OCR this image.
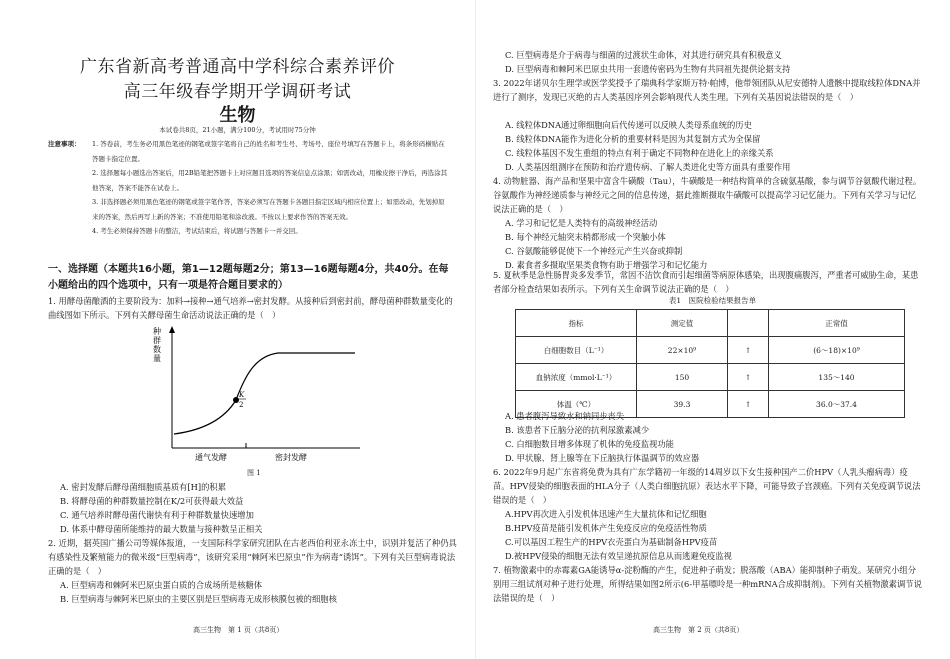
广东省新高考普通高中学科综合素养评价
高三年级春学期开学调研考试
生物
本试卷共8页，21小题，满分100分，考试用时75分钟
注意事项： 1. 答卷前，考生务必用黑色笔迹的钢笔或签字笔将自己的姓名和考生号、考场号、座位号填写在答题卡上，将条形码横贴在答题卡指定位置。
2. 选择题每小题选出答案后，用2B铅笔把答题卡上对应题目选项的答案信息点涂黑；如需改动，用橡皮擦干净后，再选涂其他答案，答案不能答在试卷上。
3. 非选择题必须用黑色笔迹的钢笔或签字笔作答，答案必须写在答题卡各题目指定区域内相应位置上；如需改动，先划掉原来的答案，然后再写上新的答案；不准使用铅笔和涂改液。不按以上要求作答的答案无效。
4. 考生必须保持答题卡的整洁，考试结束后，将试题与答题卡一并交回。
一、选择题（本题共16小题，第1—12题每题2分；第13—16题每题4分，共40分。在每小题给出的四个选项中，只有一项是符合题目要求的）
1. 用酵母菌酿酒的主要阶段为：加料→接种→通气培养→密封发酵。从接种后到密封前，酵母菌种群数量变化的曲线图如下所示。下列有关酵母菌生命活动说法正确的是（　）
种群数量
K
2
通气发酵	密封发酵
图 1
A. 密封发酵后酵母菌细胞质基质有[H]的积累
B. 将酵母菌的种群数量控制在K/2可获得最大效益
C. 通气培养时酵母菌代谢快有利于种群数量快速增加
D. 体系中酵母菌所能维持的最大数量与接种数呈正相关
2. 近期，据英国广播公司等媒体报道，一支国际科学家研究团队在古老西伯利亚永冻土中，识别并复活了种仍具有感染性及繁殖能力的微米级“巨型病毒”，该研究采用“棘阿米巴原虫”作为病毒“诱饵”。下列有关巨型病毒说法正确的是（　）
A. 巨型病毒和棘阿米巴原虫蛋白质的合成场所是核糖体
B. 巨型病毒与棘阿米巴原虫的主要区别是巨型病毒无成形核膜包被的细胞核
高三生物　第 1 页（共8页）
C. 巨型病毒是介于病毒与细菌的过渡状生命体，对其进行研究具有积极意义
D. 巨型病毒和棘阿米巴原虫共用一套遗传密码为生物有共同祖先提供论据支持
3. 2022年诺贝尔生理学或医学奖授予了瑞典科学家斯万特·帕博，他带领团队从尼安德特人遗骸中提取线粒体DNA并进行了测序，发现已灭绝的古人类基因序列会影响现代人类生理。下列有关基因说法错误的是（　）
A. 线粒体DNA通过卵细胞向后代传递可以反映人类母系血统的历史
B. 线粒体DNA能作为进化分析的重要材料是因为其复制方式为全保留
C. 线粒体基因不发生重组的特点有利于确定不同物种在进化上的亲缘关系
D. 人类基因组测序在预防和治疗遗传病、了解人类进化史等方面具有重要作用
4. 动物脏器、海产品和坚果中富含牛磺酸（Tau），牛磺酸是一种结构简单的含硫氨基酸，参与调节谷氨酸代谢过程。谷氨酸作为神经递质参与神经元之间的信息传递，据此推断摄取牛磺酸可以提高学习记忆能力。下列有关学习与记忆说法正确的是（　）
A. 学习和记忆是人类特有的高级神经活动
B. 每个神经元轴突末梢都形成一个突触小体
C. 谷氨酸能够促使下一个神经元产生兴奋或抑制
D. 素食者多摄取坚果类食物有助于增强学习和记忆能力
5. 夏秋季是急性肠胃炎多发季节，常因不洁饮食而引起细菌等病原体感染，出现腹痛腹泻，严重者可威胁生命，某患者部分检查结果如表所示。下列有关生命调节说法正确的是（　）
表1　医院检验结果报告单
指标	测定值		正常值
白细胞数目（L⁻¹）	22×10⁹	↑	(6～18)×10⁹
血钠浓度（mmol·L⁻¹）	150	↑	135～140
体温（℃）	39.3	↑	36.0～37.4
A. 患者腹泻导致水和钠同步丧失
B. 该患者下丘脑分泌的抗利尿激素减少
C. 白细胞数目增多体现了机体的免疫监视功能
D. 甲状腺、肾上腺等在下丘脑执行体温调节的效应器
6. 2022年9月起广东省将免费为具有广东学籍初一年级的14周岁以下女生接种国产二价HPV（人乳头瘤病毒）疫苗。HPV侵染的细胞表面的HLA分子（人类白细胞抗原）表达水平下降，可能导致子宫颈癌。下列有关免疫调节说法错误的是（　）
A.HPV再次进入引发机体迅速产生大量抗体和记忆细胞
B.HPV疫苗是能引发机体产生免疫反应的免疫活性物质
C.可以基因工程生产的HPV衣壳蛋白为基础制备HPV疫苗
D.被HPV侵染的细胞无法有效呈递抗原信息从而逃避免疫监视
7. 植物激素中的赤霉素GA能诱导α-淀粉酶的产生，促进种子萌发；脱落酸（ABA）能抑制种子萌发。某研究小组分别用三组试剂对种子进行处理，所得结果如图2所示(6-甲基嘌呤是一种mRNA合成抑制剂)。下列有关植物激素调节说法错误的是（　）
高三生物　第 2 页（共8页）
